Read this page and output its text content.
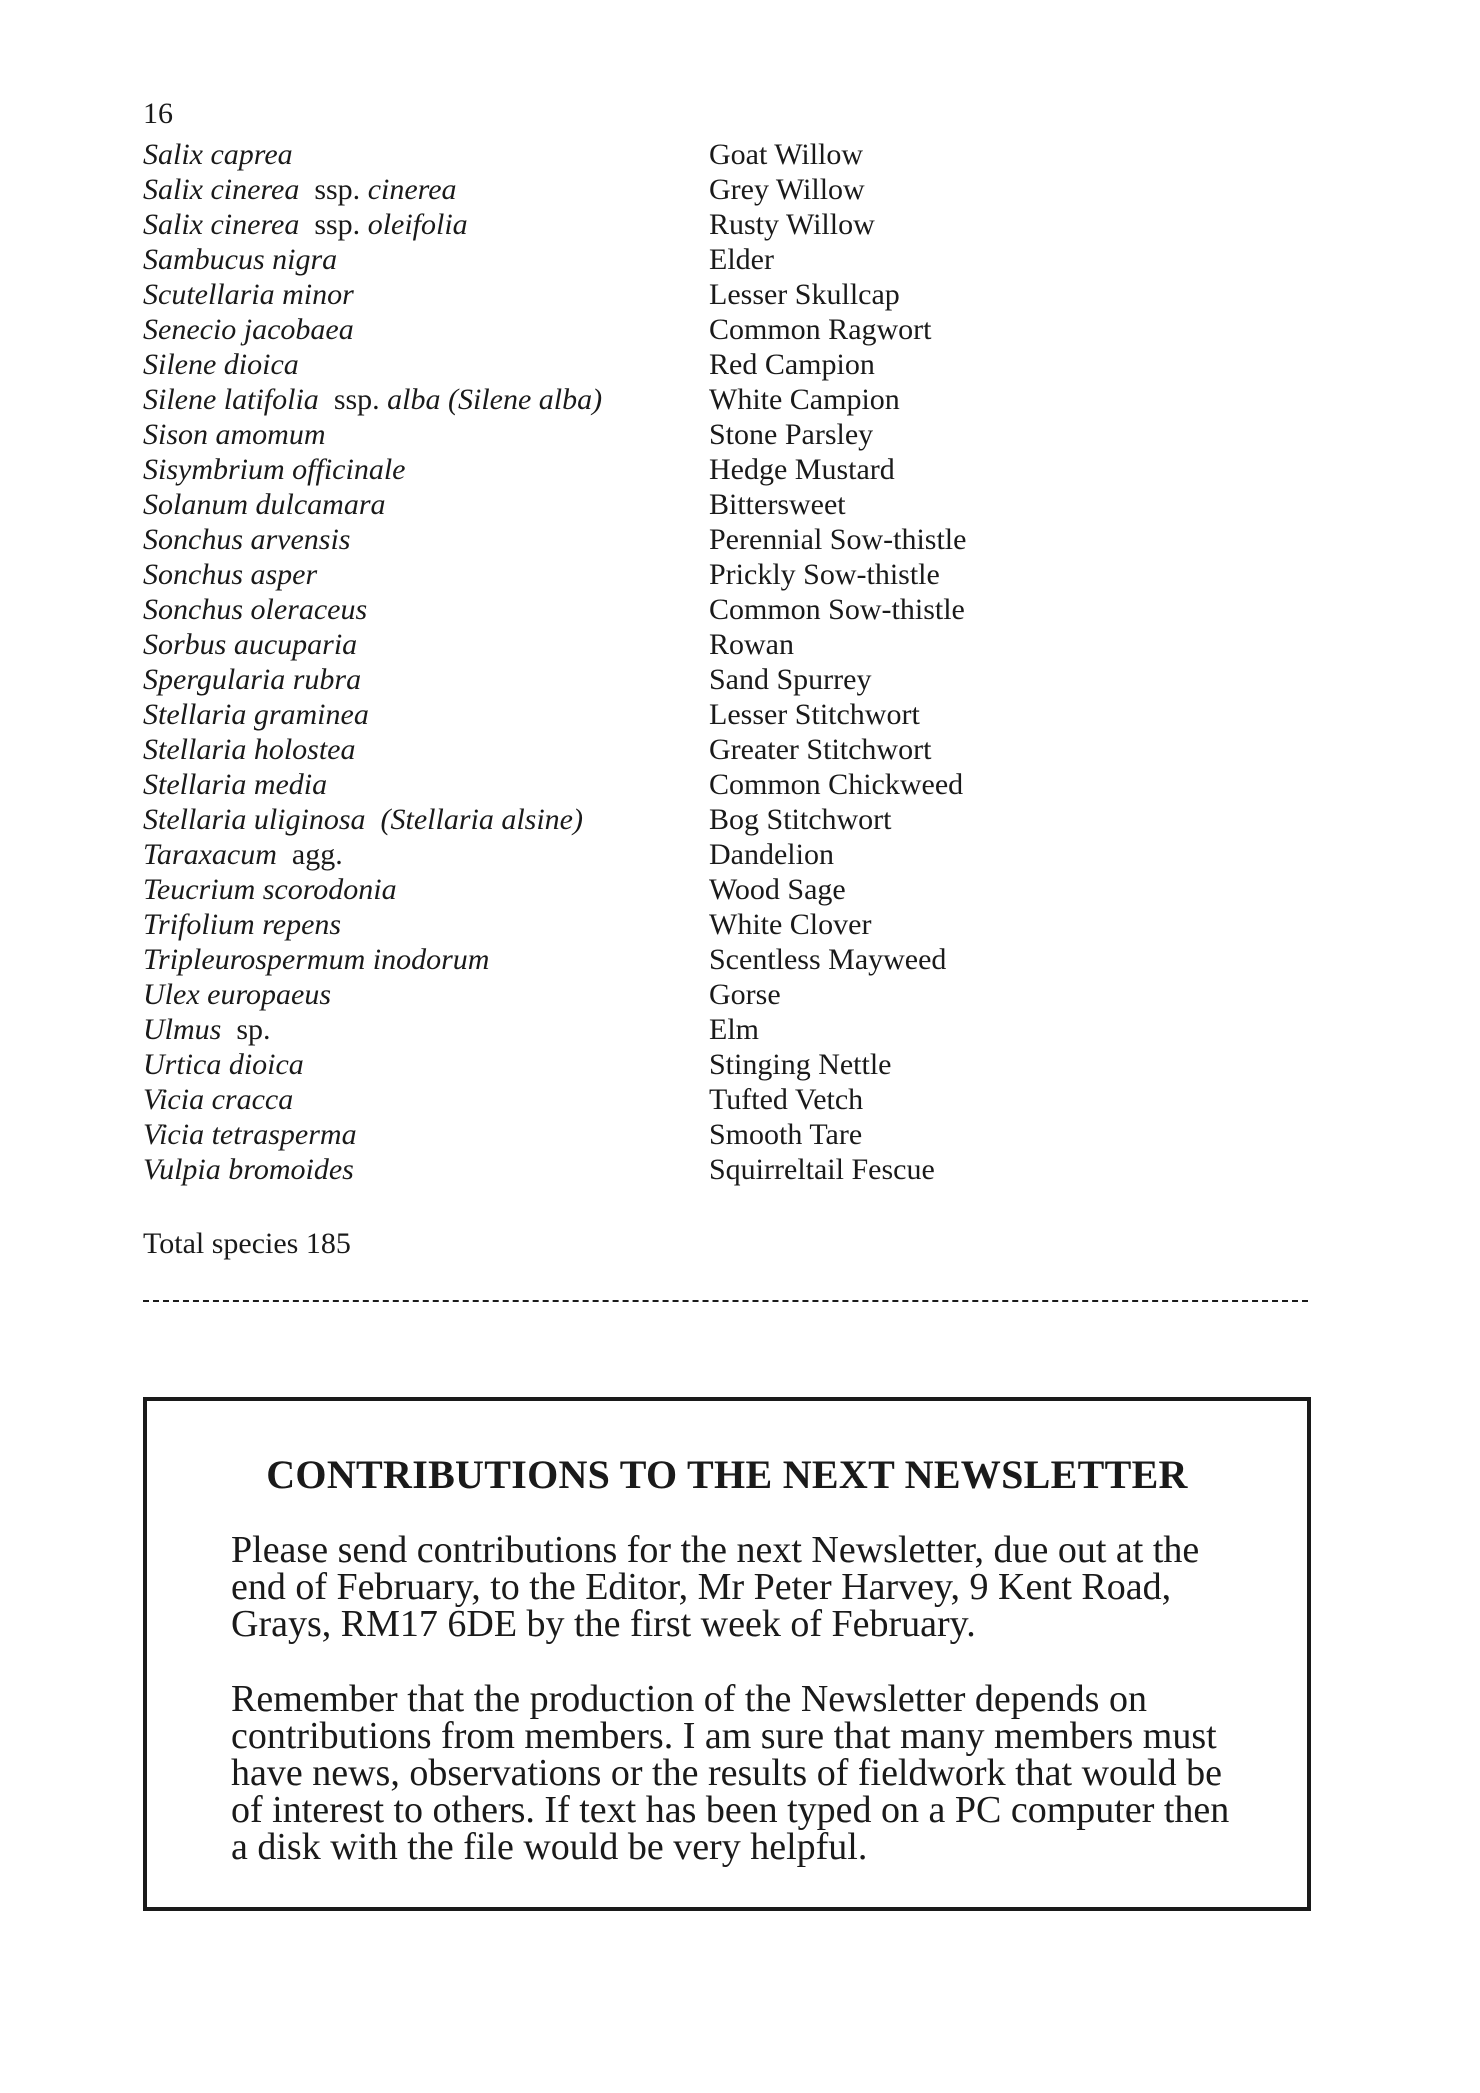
16
Salix caprea	Goat Willow
Salix cinerea  ssp. cinerea	Grey Willow
Salix cinerea  ssp. oleifolia	Rusty Willow
Sambucus nigra	Elder
Scutellaria minor	Lesser Skullcap
Senecio jacobaea	Common Ragwort
Silene dioica	Red Campion
Silene latifolia  ssp. alba (Silene alba)	White Campion
Sison amomum	Stone Parsley
Sisymbrium officinale	Hedge Mustard
Solanum dulcamara	Bittersweet
Sonchus arvensis	Perennial Sow-thistle
Sonchus asper	Prickly Sow-thistle
Sonchus oleraceus	Common Sow-thistle
Sorbus aucuparia	Rowan
Spergularia rubra	Sand Spurrey
Stellaria graminea	Lesser Stitchwort
Stellaria holostea	Greater Stitchwort
Stellaria media	Common Chickweed
Stellaria uliginosa  (Stellaria alsine)	Bog Stitchwort
Taraxacum  agg.	Dandelion
Teucrium scorodonia	Wood Sage
Trifolium repens	White Clover
Tripleurospermum inodorum	Scentless Mayweed
Ulex europaeus	Gorse
Ulmus  sp.	Elm
Urtica dioica	Stinging Nettle
Vicia cracca	Tufted Vetch
Vicia tetrasperma	Smooth Tare
Vulpia bromoides	Squirreltail Fescue
Total species 185
CONTRIBUTIONS TO THE NEXT NEWSLETTER
Please send contributions for the next Newsletter, due out at the end of February, to the Editor, Mr Peter Harvey, 9 Kent Road, Grays, RM17 6DE by the first week of February.
Remember that the production of the Newsletter depends on contributions from members. I am sure that many members must have news, observations or the results of fieldwork that would be of interest to others. If text has been typed on a PC computer then a disk with the file would be very helpful.
